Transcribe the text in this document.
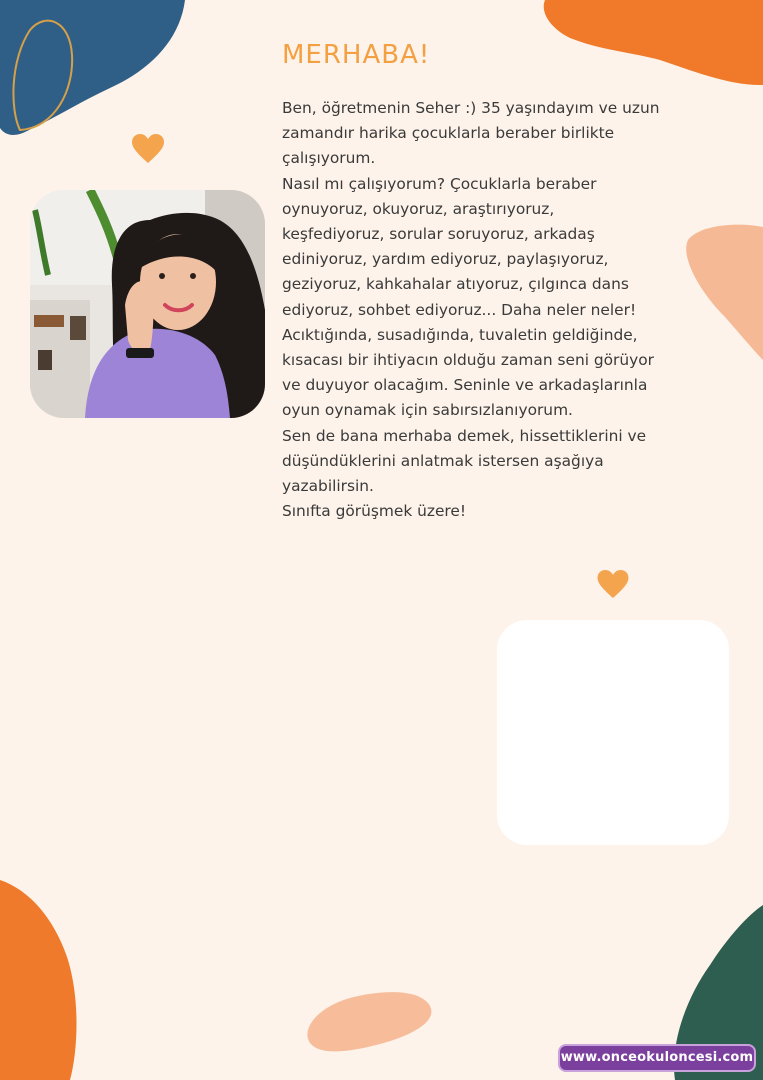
MERHABA!
Ben, öğretmenin Seher :) 35 yaşındayım ve uzun
zamandır harika çocuklarla beraber birlikte
çalışıyorum.
Nasıl mı çalışıyorum? Çocuklarla beraber
oynuyoruz, okuyoruz, araştırıyoruz,
keşfediyoruz, sorular soruyoruz, arkadaş
ediniyoruz, yardım ediyoruz, paylaşıyoruz,
geziyoruz, kahkahalar atıyoruz, çılgınca dans
ediyoruz, sohbet ediyoruz... Daha neler neler!
Acıktığında, susadığında, tuvaletin geldiğinde,
kısacası bir ihtiyacın olduğu zaman seni görüyor
ve duyuyor olacağım. Seninle ve arkadaşlarınla
oyun oynamak için sabırsızlanıyorum.
Sen de bana merhaba demek, hissettiklerini ve
düşündüklerini anlatmak istersen aşağıya
yazabilirsin.
Sınıfta görüşmek üzere!
www.onceokuloncesi.com
